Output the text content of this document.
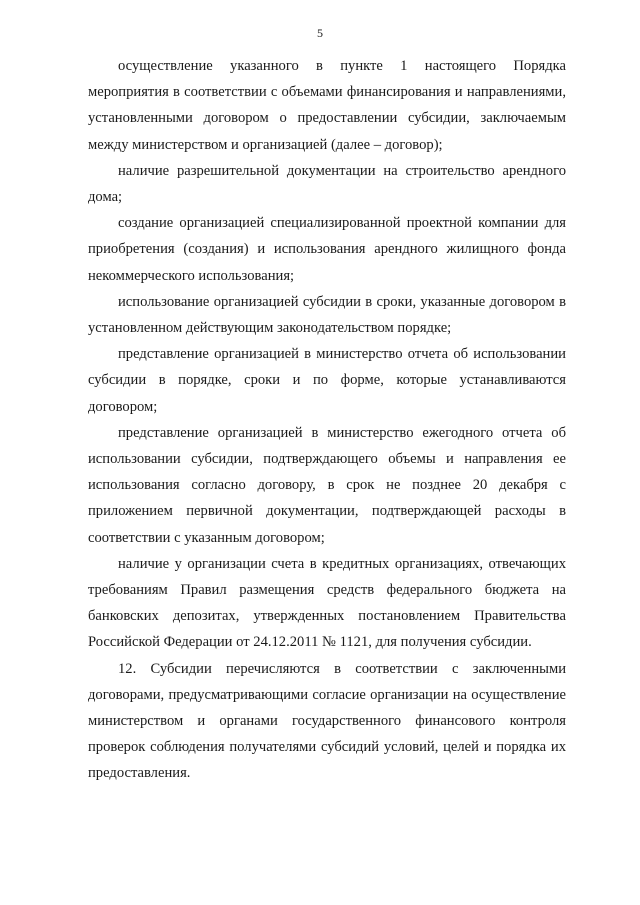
5

осуществление указанного в пункте 1 настоящего Порядка мероприятия в соответствии с объемами финансирования и направлениями, установленными договором о предоставлении субсидии, заключаемым между министерством и организацией (далее – договор);

наличие разрешительной документации на строительство арендного дома;

создание организацией специализированной проектной компании для приобретения (создания) и использования арендного жилищного фонда некоммерческого использования;

использование организацией субсидии в сроки, указанные договором в установленном действующим законодательством порядке;

представление организацией в министерство отчета об использовании субсидии в порядке, сроки и по форме, которые устанавливаются договором;

представление организацией в министерство ежегодного отчета об использовании субсидии, подтверждающего объемы и направления ее использования согласно договору, в срок не позднее 20 декабря с приложением первичной документации, подтверждающей расходы в соответствии с указанным договором;

наличие у организации счета в кредитных организациях, отвечающих требованиям Правил размещения средств федерального бюджета на банковских депозитах, утвержденных постановлением Правительства Российской Федерации от 24.12.2011 № 1121, для получения субсидии.

12. Субсидии перечисляются в соответствии с заключенными договорами, предусматривающими согласие организации на осуществление министерством и органами государственного финансового контроля проверок соблюдения получателями субсидий условий, целей и порядка их предоставления.
